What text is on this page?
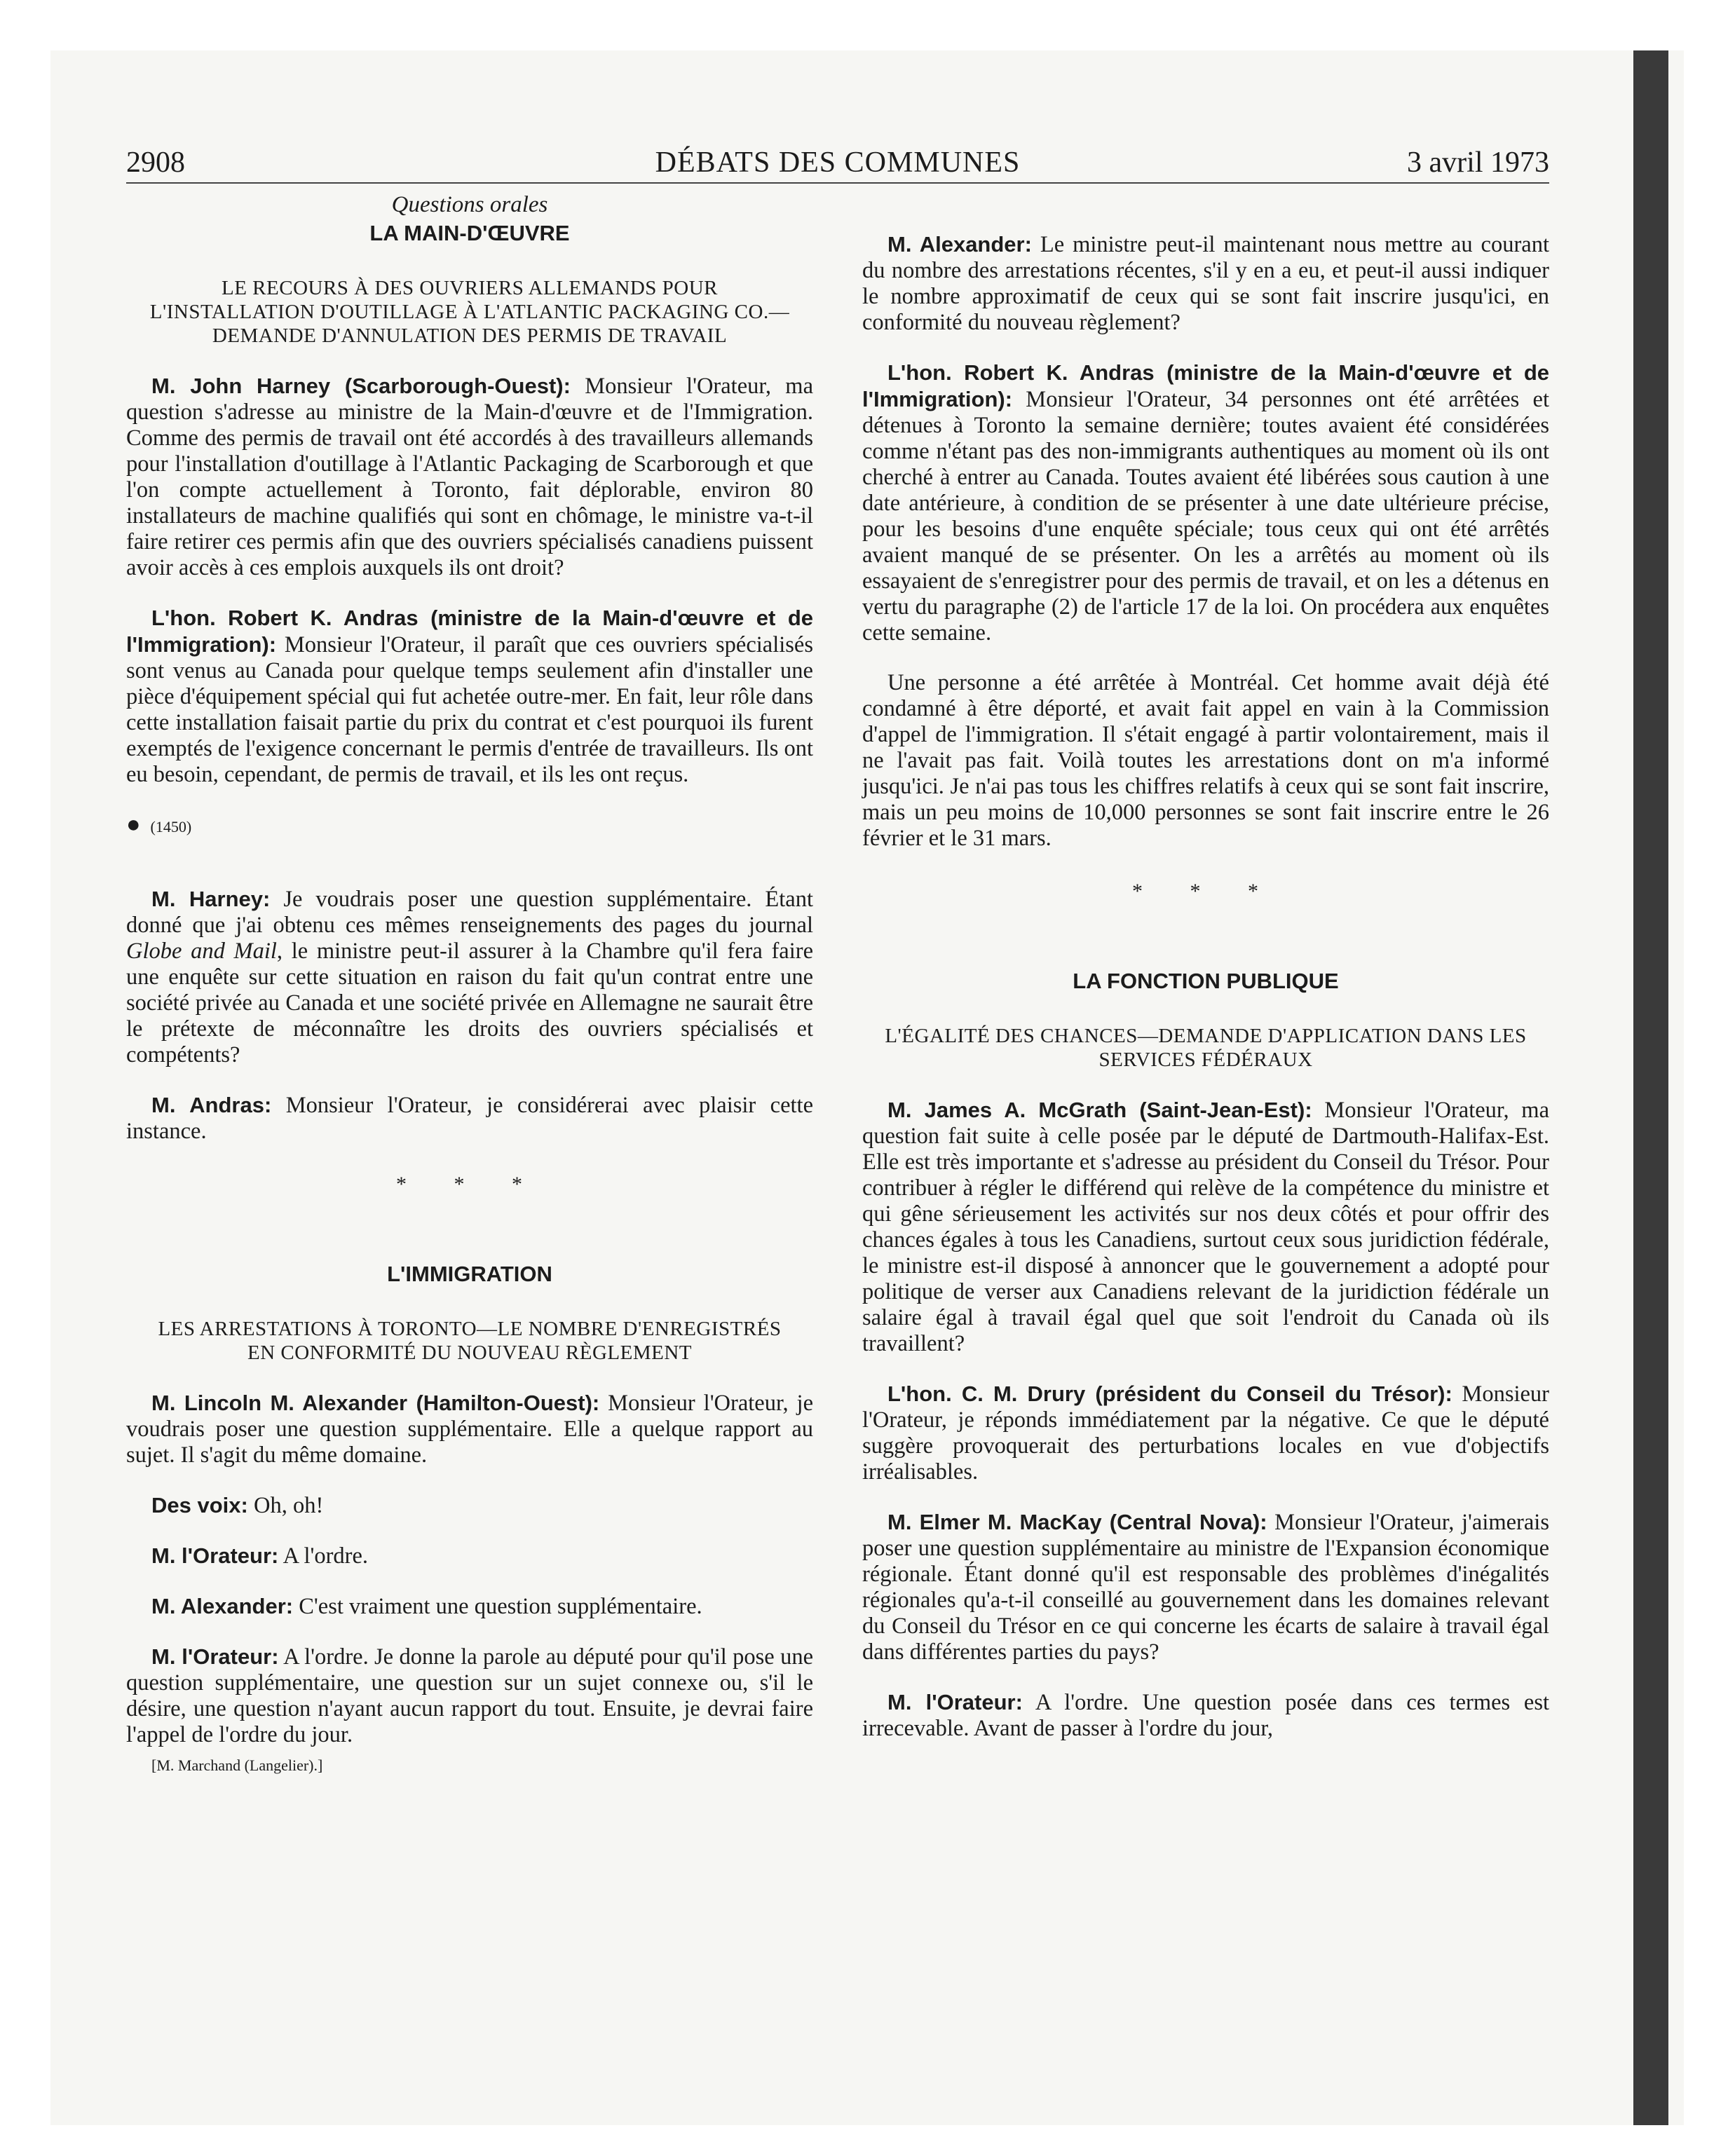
2908	DÉBATS DES COMMUNES	3 avril 1973
Questions orales
LA MAIN-D'ŒUVRE
LE RECOURS À DES OUVRIERS ALLEMANDS POUR L'INSTALLATION D'OUTILLAGE À L'ATLANTIC PACKAGING CO.—DEMANDE D'ANNULATION DES PERMIS DE TRAVAIL

M. John Harney (Scarborough-Ouest): Monsieur l'Orateur, ma question s'adresse au ministre de la Main-d'œuvre et de l'Immigration. Comme des permis de travail ont été accordés à des travailleurs allemands pour l'installation d'outillage à l'Atlantic Packaging de Scarborough et que l'on compte actuellement à Toronto, fait déplorable, environ 80 installateurs de machine qualifiés qui sont en chômage, le ministre va-t-il faire retirer ces permis afin que des ouvriers spécialisés canadiens puissent avoir accès à ces emplois auxquels ils ont droit?

L'hon. Robert K. Andras (ministre de la Main-d'œuvre et de l'Immigration): Monsieur l'Orateur, il paraît que ces ouvriers spécialisés sont venus au Canada pour quelque temps seulement afin d'installer une pièce d'équipement spécial qui fut achetée outre-mer. En fait, leur rôle dans cette installation faisait partie du prix du contrat et c'est pourquoi ils furent exemptés de l'exigence concernant le permis d'entrée de travailleurs. Ils ont eu besoin, cependant, de permis de travail, et ils les ont reçus.

● (1450)

M. Harney: Je voudrais poser une question supplémentaire. Étant donné que j'ai obtenu ces mêmes renseignements des pages du journal Globe and Mail, le ministre peut-il assurer à la Chambre qu'il fera faire une enquête sur cette situation en raison du fait qu'un contrat entre une société privée au Canada et une société privée en Allemagne ne saurait être le prétexte de méconnaître les droits des ouvriers spécialisés et compétents?

M. Andras: Monsieur l'Orateur, je considérerai avec plaisir cette instance.

* * *
L'IMMIGRATION
LES ARRESTATIONS À TORONTO—LE NOMBRE D'ENREGISTRÉS EN CONFORMITÉ DU NOUVEAU RÈGLEMENT

M. Lincoln M. Alexander (Hamilton-Ouest): Monsieur l'Orateur, je voudrais poser une question supplémentaire. Elle a quelque rapport au sujet. Il s'agit du même domaine.

Des voix: Oh, oh!

M. l'Orateur: A l'ordre.

M. Alexander: C'est vraiment une question supplémentaire.

M. l'Orateur: A l'ordre. Je donne la parole au député pour qu'il pose une question supplémentaire, une question sur un sujet connexe ou, s'il le désire, une question n'ayant aucun rapport du tout. Ensuite, je devrai faire l'appel de l'ordre du jour.

[M. Marchand (Langelier).]

M. Alexander: Le ministre peut-il maintenant nous mettre au courant du nombre des arrestations récentes, s'il y en a eu, et peut-il aussi indiquer le nombre approximatif de ceux qui se sont fait inscrire jusqu'ici, en conformité du nouveau règlement?

L'hon. Robert K. Andras (ministre de la Main-d'œuvre et de l'Immigration): Monsieur l'Orateur, 34 personnes ont été arrêtées et détenues à Toronto la semaine dernière; toutes avaient été considérées comme n'étant pas des non-immigrants authentiques au moment où ils ont cherché à entrer au Canada. Toutes avaient été libérées sous caution à une date antérieure, à condition de se présenter à une date ultérieure précise, pour les besoins d'une enquête spéciale; tous ceux qui ont été arrêtés avaient manqué de se présenter. On les a arrêtés au moment où ils essayaient de s'enregistrer pour des permis de travail, et on les a détenus en vertu du paragraphe (2) de l'article 17 de la loi. On procédera aux enquêtes cette semaine.

Une personne a été arrêtée à Montréal. Cet homme avait déjà été condamné à être déporté, et avait fait appel en vain à la Commission d'appel de l'immigration. Il s'était engagé à partir volontairement, mais il ne l'avait pas fait. Voilà toutes les arrestations dont on m'a informé jusqu'ici. Je n'ai pas tous les chiffres relatifs à ceux qui se sont fait inscrire, mais un peu moins de 10,000 personnes se sont fait inscrire entre le 26 février et le 31 mars.

* * *
LA FONCTION PUBLIQUE
L'ÉGALITÉ DES CHANCES—DEMANDE D'APPLICATION DANS LES SERVICES FÉDÉRAUX

M. James A. McGrath (Saint-Jean-Est): Monsieur l'Orateur, ma question fait suite à celle posée par le député de Dartmouth-Halifax-Est. Elle est très importante et s'adresse au président du Conseil du Trésor. Pour contribuer à régler le différend qui relève de la compétence du ministre et qui gêne sérieusement les activités sur nos deux côtés et pour offrir des chances égales à tous les Canadiens, surtout ceux sous juridiction fédérale, le ministre est-il disposé à annoncer que le gouvernement a adopté pour politique de verser aux Canadiens relevant de la juridiction fédérale un salaire égal à travail égal quel que soit l'endroit du Canada où ils travaillent?

L'hon. C. M. Drury (président du Conseil du Trésor): Monsieur l'Orateur, je réponds immédiatement par la négative. Ce que le député suggère provoquerait des perturbations locales en vue d'objectifs irréalisables.

M. Elmer M. MacKay (Central Nova): Monsieur l'Orateur, j'aimerais poser une question supplémentaire au ministre de l'Expansion économique régionale. Étant donné qu'il est responsable des problèmes d'inégalités régionales qu'a-t-il conseillé au gouvernement dans les domaines relevant du Conseil du Trésor en ce qui concerne les écarts de salaire à travail égal dans différentes parties du pays?

M. l'Orateur: A l'ordre. Une question posée dans ces termes est irrecevable. Avant de passer à l'ordre du jour,
